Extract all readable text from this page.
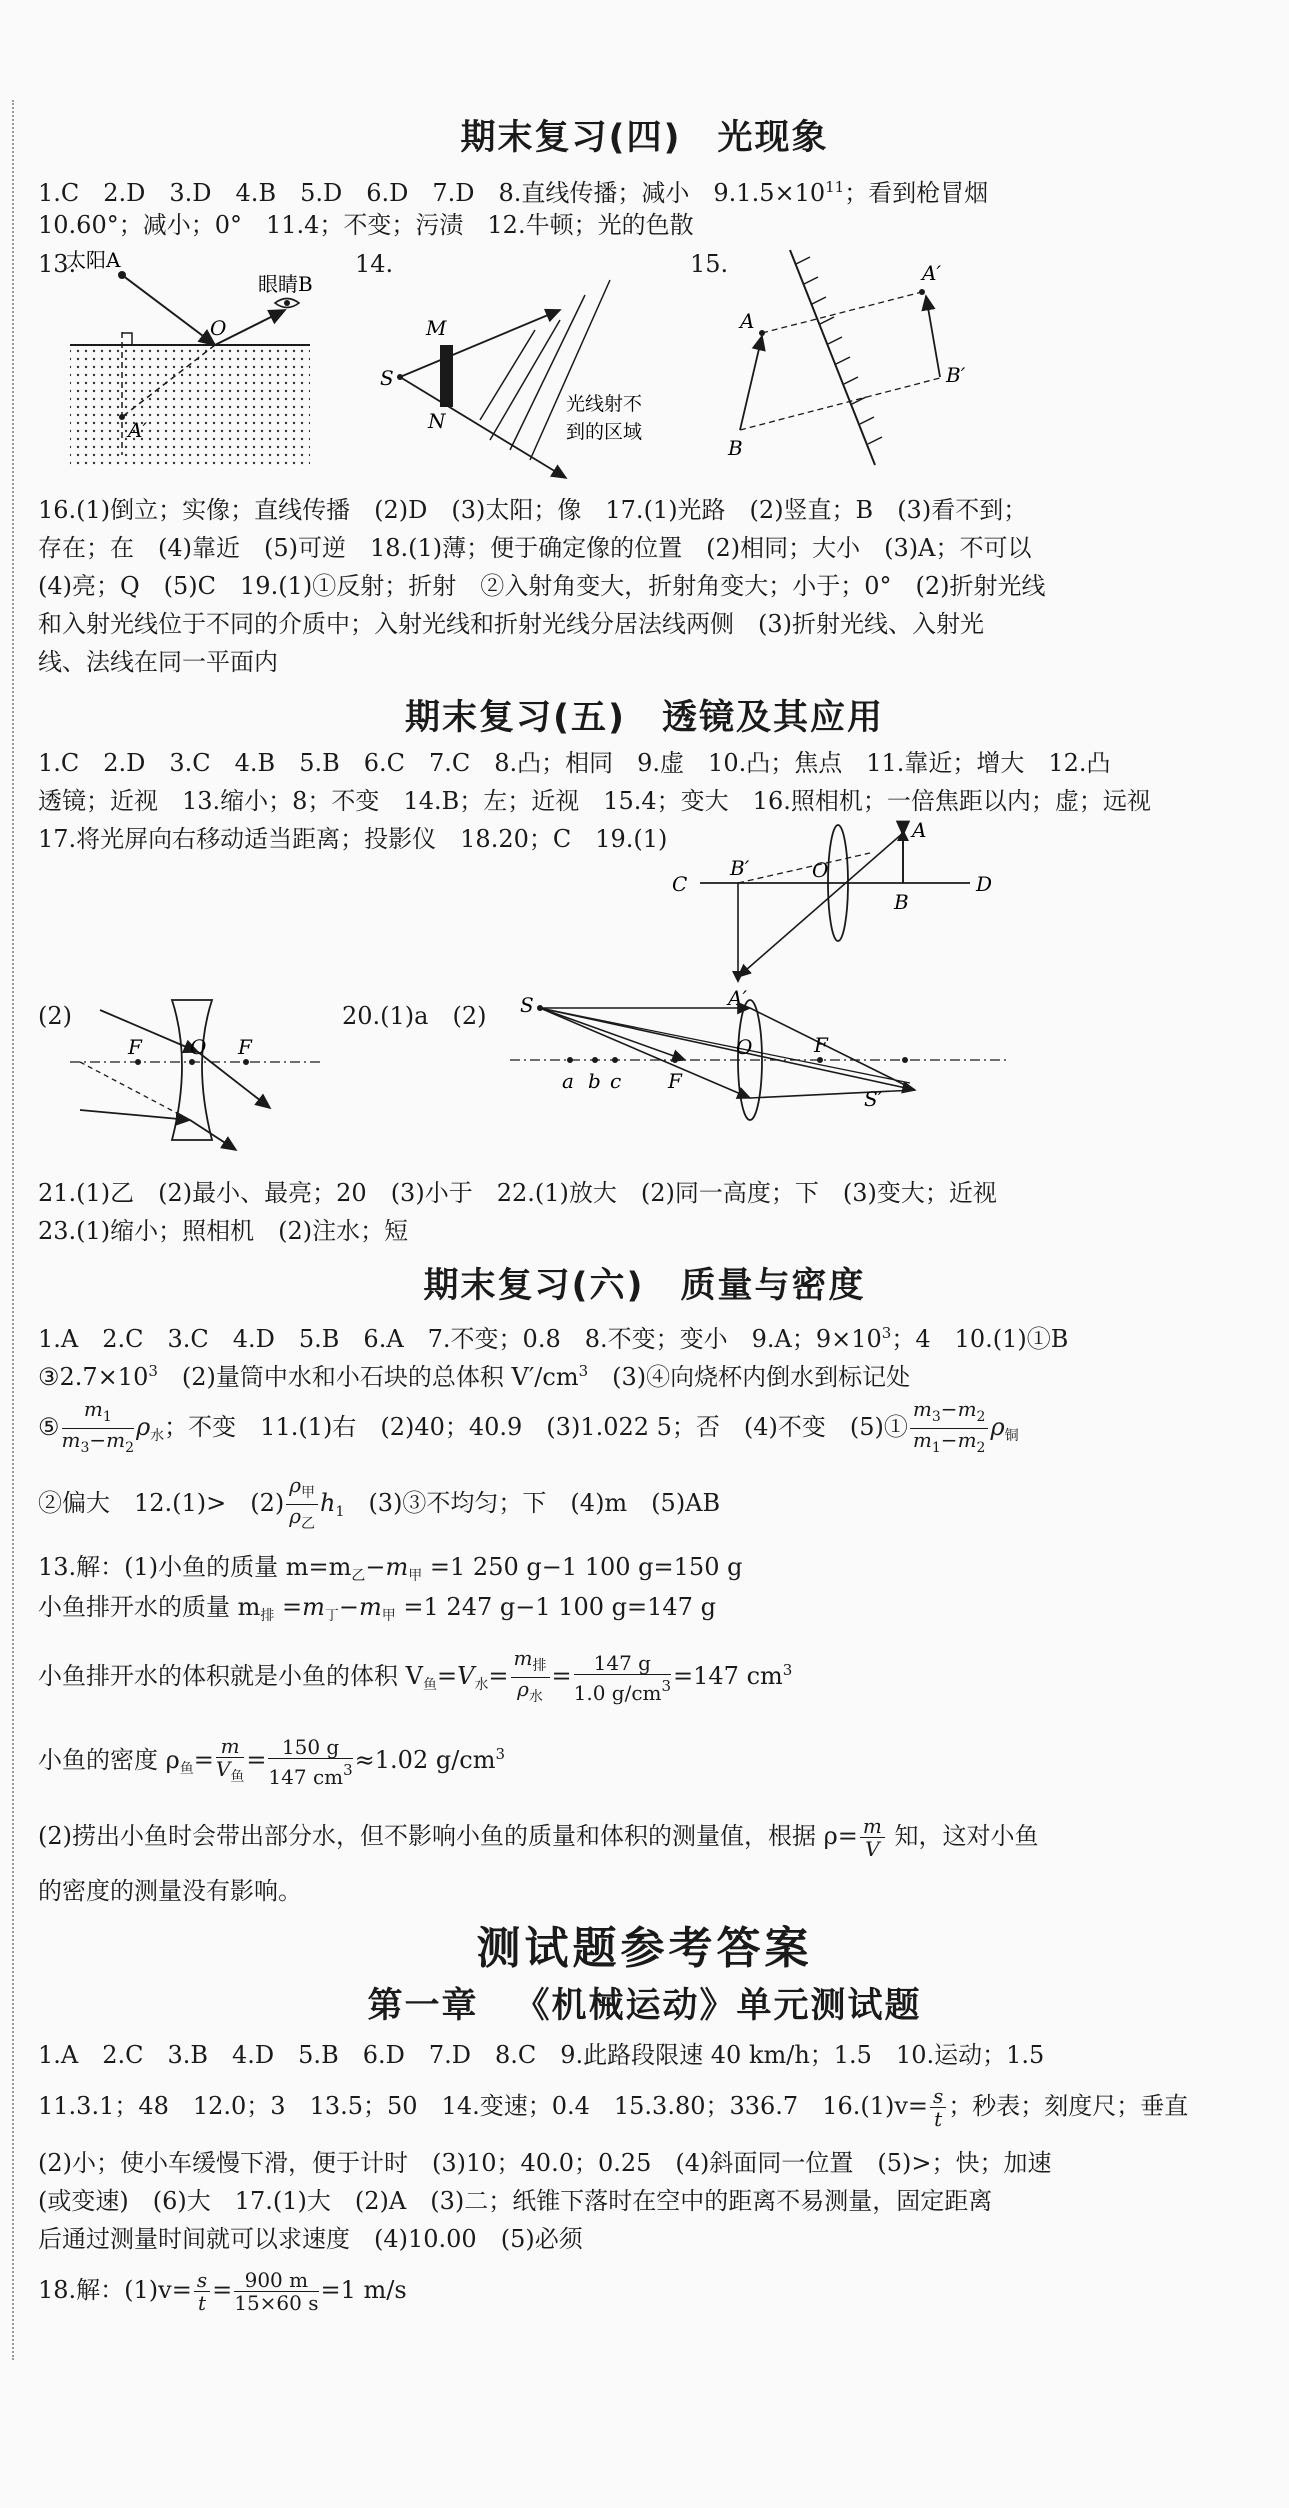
期末复习(四) 光现象
1.C　2.D　3.D　4.B　5.D　6.D　7.D　8.直线传播；减小　$9.1.5\times 10^{11}$；看到枪冒烟
10.60°；减小；0°　11.4；不变；污渍　12.牛顿；光的色散
13.
太阳A
眼睛B
O
A′
14.
M
S
N
光线射不
到的区域
15.
A
B
A′
B′
16.(1)倒立；实像；直线传播　(2)D　(3)太阳；像　17.(1)光路　(2)竖直；B　(3)看不到；
存在；在　(4)靠近　(5)可逆　18.(1)薄；便于确定像的位置　(2)相同；大小　(3)A；不可以
(4)亮；Q　(5)C　19.(1)①反射；折射　②入射角变大，折射角变大；小于；0°　(2)折射光线
和入射光线位于不同的介质中；入射光线和折射光线分居法线两侧　(3)折射光线、入射光
线、法线在同一平面内
期末复习(五) 透镜及其应用
1.C　2.D　3.C　4.B　5.B　6.C　7.C　8.凸；相同　9.虚　10.凸；焦点　11.靠近；增大　12.凸
透镜；近视　13.缩小；8；不变　14.B；左；近视　15.4；变大　16.照相机；一倍焦距以内；虚；远视
17.将光屏向右移动适当距离；投影仪　18.20；C　19.(1)
C
B′	O
A
D
B
A′
(2)
F O F
20.(1)a　(2) S
O	F
a b c F
S′
21.(1)乙　(2)最小、最亮；20　(3)小于　22.(1)放大　(2)同一高度；下　(3)变大；近视
23.(1)缩小；照相机　(2)注水；短
期末复习(六) 质量与密度
1.A　2.C　3.C　4.D　5.B　6.A　7.不变；0.8　8.不变；变小　9.A；$9\times 10^3$；4　10.(1)①B
$③2.7\times 10^3$　(2)量筒中水和小石块的总体积 $V'/cm^3$　(3)④向烧杯内倒水到标记处
⑤ $\frac{m_1}{m_3-m_2} \rho_水$；不变　11.(1)右　(2)40；40.9　(3)1.022 5；否　(4)不变　(5)① $\frac{m_3-m_2}{m_1-m_2} \rho_铜$
②偏大　12.(1)>　$(2) \frac{\rho_甲}{\rho_乙} h_1$　 (3)③不均匀；下　(4)m　(5)AB
13.解：(1)小鱼的质量 $m=m_乙-m_甲 =1$ 250 g−1 100 g=150 g
小鱼排开水的质量 $m_排 =m_丁-m_甲 =1$ 247 g−1 100 g=147 g
小鱼排开水的体积就是小鱼的体积 $V_鱼=V_水= \frac{m_排}{\rho_水} = \frac{147 g}{1.0 g/cm^3} =147$ $cm^3$
小鱼的密度 $\rho_鱼= \frac{m}{V_鱼} = \frac{150 g}{147 cm^3} \approx 1.02$ $g/cm^3$
(2)捞出小鱼时会带出部分水，但不影响小鱼的质量和体积的测量值，根据 $\rho= \frac{m}{V}$ 知，这对小鱼
的密度的测量没有影响。
测试题参考答案
第一章 《机械运动》单元测试题
1.A　2.C　3.B　4.D　5.B　6.D　7.D　8.C　9.此路段限速 40 km/h；1.5　10.运动；1.5
11.3.1；48　12.0；3　13.5；50　14.变速；0.4　15.3.80；336.7　$16.(1)v= \frac{s}{t}$ ；秒表；刻度尺；垂直
(2)小；使小车缓慢下滑，便于计时　(3)10；40.0；0.25　(4)斜面同一位置　(5)>；快；加速
(或变速)　(6)大　17.(1)大　(2)A　(3)二；纸锥下落时在空中的距离不易测量，固定距离
后通过测量时间就可以求速度　(4)10.00　(5)必须
18.解：$(1)v= \frac{s}{t} = \frac{900 m}{15\times 60 s} =1$ m/s
